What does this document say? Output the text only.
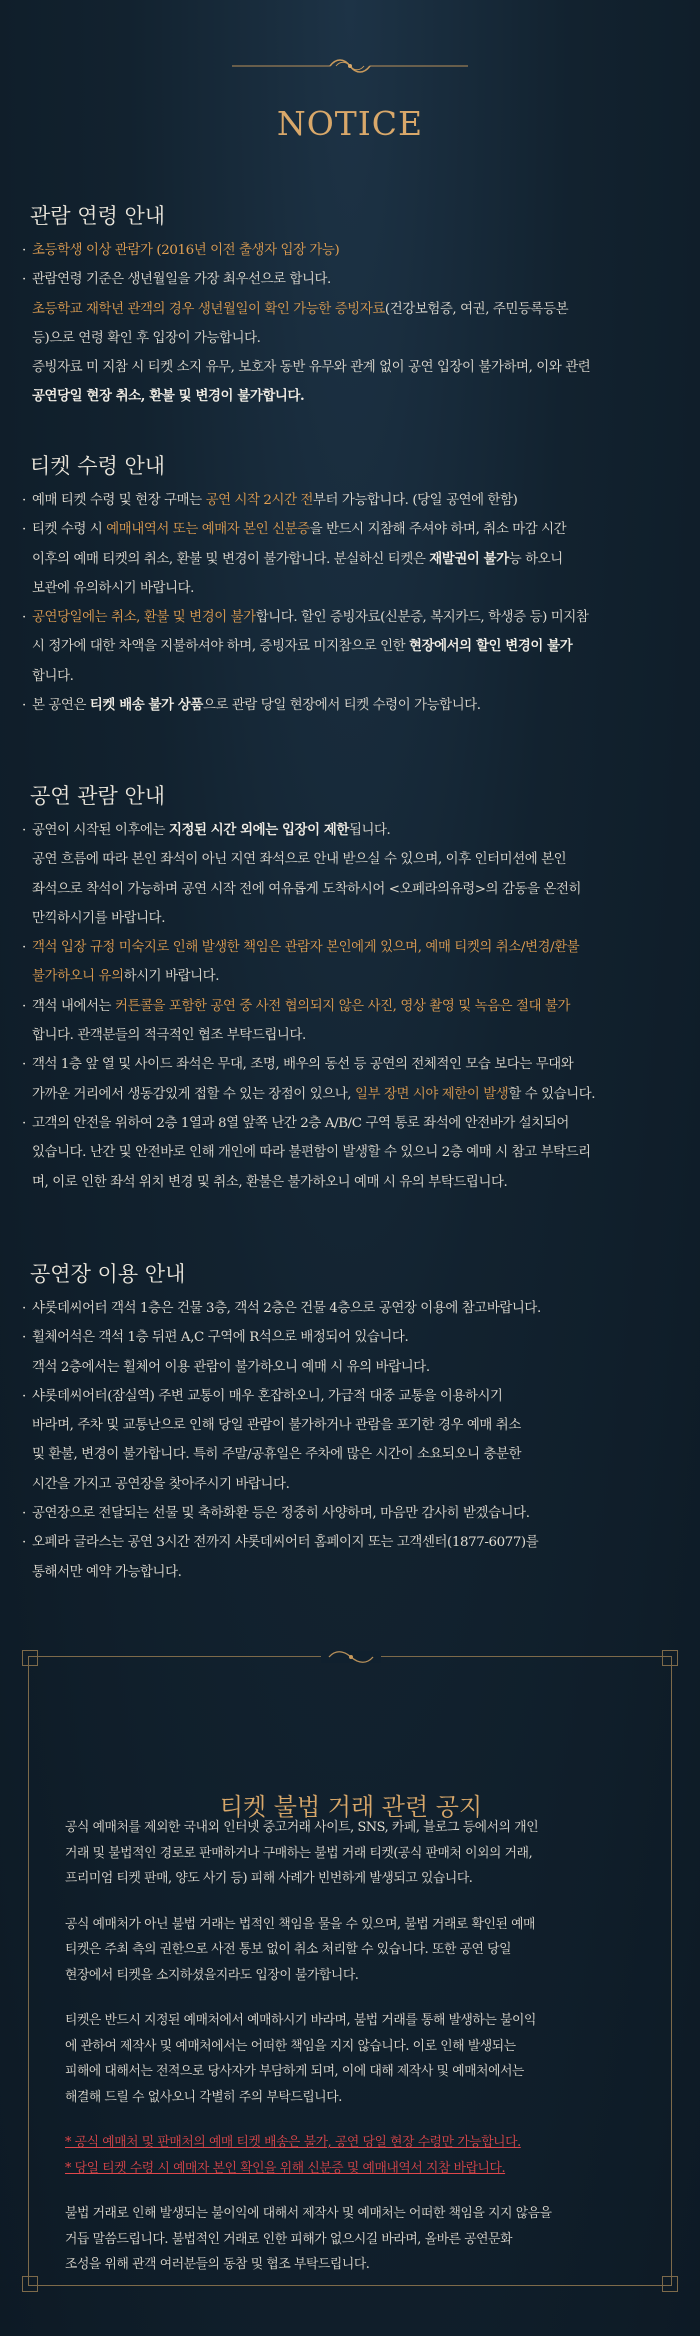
NOTICE
관람 연령 안내
· 초등학생 이상 관람가 (2016년 이전 출생자 입장 가능)
· 관람연령 기준은 생년월일을 가장 최우선으로 합니다.
초등학교 재학년 관객의 경우 생년월일이 확인 가능한 증빙자료(건강보험증, 여권, 주민등록등본
등)으로 연령 확인 후 입장이 가능합니다.
증빙자료 미 지참 시 티켓 소지 유무, 보호자 동반 유무와 관계 없이 공연 입장이 불가하며, 이와 관련
공연당일 현장 취소, 환불 및 변경이 불가합니다.
티켓 수령 안내
· 예매 티켓 수령 및 현장 구매는 공연 시작 2시간 전부터 가능합니다. (당일 공연에 한함)
· 티켓 수령 시 예매내역서 또는 예매자 본인 신분증을 반드시 지참해 주셔야 하며, 취소 마감 시간
이후의 예매 티켓의 취소, 환불 및 변경이 불가합니다. 분실하신 티켓은 재발권이 불가능 하오니
보관에 유의하시기 바랍니다.
· 공연당일에는 취소, 환불 및 변경이 불가합니다. 할인 증빙자료(신분증, 복지카드, 학생증 등) 미지참
시 정가에 대한 차액을 지불하셔야 하며, 증빙자료 미지참으로 인한 현장에서의 할인 변경이 불가
합니다.
· 본 공연은 티켓 배송 불가 상품으로 관람 당일 현장에서 티켓 수령이 가능합니다.
공연 관람 안내
· 공연이 시작된 이후에는 지정된 시간 외에는 입장이 제한됩니다.
공연 흐름에 따라 본인 좌석이 아닌 지연 좌석으로 안내 받으실 수 있으며, 이후 인터미션에 본인
좌석으로 착석이 가능하며 공연 시작 전에 여유롭게 도착하시어 <오페라의유령>의 감동을 온전히
만끽하시기를 바랍니다.
· 객석 입장 규정 미숙지로 인해 발생한 책임은 관람자 본인에게 있으며, 예매 티켓의 취소/변경/환불
불가하오니 유의하시기 바랍니다.
· 객석 내에서는 커튼콜을 포함한 공연 중 사전 협의되지 않은 사진, 영상 촬영 및 녹음은 절대 불가
합니다. 관객분들의 적극적인 협조 부탁드립니다.
· 객석 1층 앞 열 및 사이드 좌석은 무대, 조명, 배우의 동선 등 공연의 전체적인 모습 보다는 무대와
가까운 거리에서 생동감있게 접할 수 있는 장점이 있으나, 일부 장면 시야 제한이 발생할 수 있습니다.
· 고객의 안전을 위하여 2층 1열과 8열 앞쪽 난간 2층 A/B/C 구역 통로 좌석에 안전바가 설치되어
있습니다. 난간 및 안전바로 인해 개인에 따라 불편함이 발생할 수 있으니 2층 예매 시 참고 부탁드리
며, 이로 인한 좌석 위치 변경 및 취소, 환불은 불가하오니 예매 시 유의 부탁드립니다.
공연장 이용 안내
· 샤롯데씨어터 객석 1층은 건물 3층, 객석 2층은 건물 4층으로 공연장 이용에 참고바랍니다.
· 휠체어석은 객석 1층 뒤편 A,C 구역에 R석으로 배정되어 있습니다.
객석 2층에서는 휠체어 이용 관람이 불가하오니 예매 시 유의 바랍니다.
· 샤롯데씨어터(잠실역) 주변 교통이 매우 혼잡하오니, 가급적 대중 교통을 이용하시기
바라며, 주차 및 교통난으로 인해 당일 관람이 불가하거나 관람을 포기한 경우 예매 취소
및 환불, 변경이 불가합니다. 특히 주말/공휴일은 주차에 많은 시간이 소요되오니 충분한
시간을 가지고 공연장을 찾아주시기 바랍니다.
· 공연장으로 전달되는 선물 및 축하화환 등은 정중히 사양하며, 마음만 감사히 받겠습니다.
· 오페라 글라스는 공연 3시간 전까지 샤롯데씨어터 홈페이지 또는 고객센터(1877-6077)를
통해서만 예약 가능합니다.
티켓 불법 거래 관련 공지
공식 예매처를 제외한 국내외 인터넷 중고거래 사이트, SNS, 카페, 블로그 등에서의 개인
거래 및 불법적인 경로로 판매하거나 구매하는 불법 거래 티켓(공식 판매처 이외의 거래,
프리미엄 티켓 판매, 양도 사기 등) 피해 사례가 빈번하게 발생되고 있습니다.
공식 예매처가 아닌 불법 거래는 법적인 책임을 물을 수 있으며, 불법 거래로 확인된 예매
티켓은 주최 측의 권한으로 사전 통보 없이 취소 처리할 수 있습니다. 또한 공연 당일
현장에서 티켓을 소지하셨을지라도 입장이 불가합니다.
티켓은 반드시 지정된 예매처에서 예매하시기 바라며, 불법 거래를 통해 발생하는 불이익
에 관하여 제작사 및 예매처에서는 어떠한 책임을 지지 않습니다. 이로 인해 발생되는
피해에 대해서는 전적으로 당사자가 부담하게 되며, 이에 대해 제작사 및 예매처에서는
해결해 드릴 수 없사오니 각별히 주의 부탁드립니다.
* 공식 예매처 및 판매처의 예매 티켓 배송은 불가, 공연 당일 현장 수령만 가능합니다.
* 당일 티켓 수령 시 예매자 본인 확인을 위해 신분증 및 예매내역서 지참 바랍니다.
불법 거래로 인해 발생되는 불이익에 대해서 제작사 및 예매처는 어떠한 책임을 지지 않음을
거듭 말씀드립니다. 불법적인 거래로 인한 피해가 없으시길 바라며, 올바른 공연문화
조성을 위해 관객 여러분들의 동참 및 협조 부탁드립니다.
